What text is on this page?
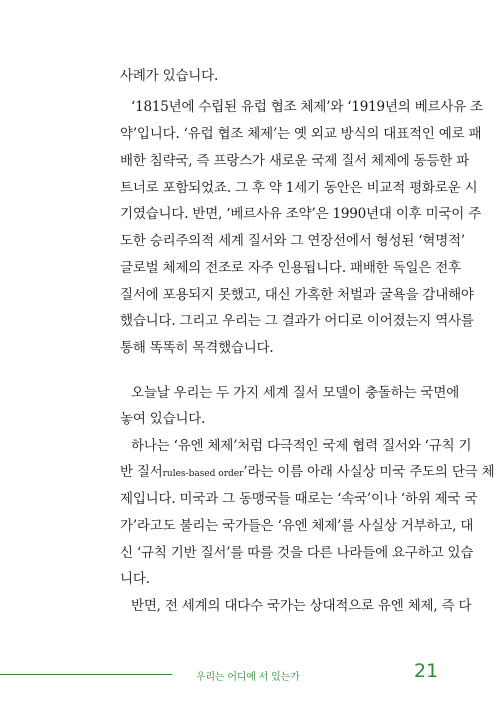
사례가 있습니다.
‘1815년에 수립된 유럽 협조 체제’와 ‘1919년의 베르사유 조
약’입니다. ‘유럽 협조 체제’는 옛 외교 방식의 대표적인 예로 패
배한 침략국, 즉 프랑스가 새로운 국제 질서 체제에 동등한 파
트너로 포함되었죠. 그 후 약 1세기 동안은 비교적 평화로운 시
기였습니다. 반면, ‘베르사유 조약’은 1990년대 이후 미국이 주
도한 승리주의적 세계 질서와 그 연장선에서 형성된 ‘혁명적’
글로벌 체제의 전조로 자주 인용됩니다. 패배한 독일은 전후
질서에 포용되지 못했고, 대신 가혹한 처벌과 굴욕을 감내해야
했습니다. 그리고 우리는 그 결과가 어디로 이어졌는지 역사를
통해 똑똑히 목격했습니다.
오늘날 우리는 두 가지 세계 질서 모델이 충돌하는 국면에
놓여 있습니다.
하나는 ‘유엔 체제’처럼 다극적인 국제 협력 질서와 ‘규칙 기
반 질서rules-based order’라는 이름 아래 사실상 미국 주도의 단극 체
제입니다. 미국과 그 동맹국들 때로는 ‘속국’이나 ‘하위 제국 국
가’라고도 불리는 국가들은 ‘유엔 체제’를 사실상 거부하고, 대
신 ‘규칙 기반 질서’를 따를 것을 다른 나라들에 요구하고 있습
니다.
반면, 전 세계의 대다수 국가는 상대적으로 유엔 체제, 즉 다
우리는 어디에 서 있는가	21
